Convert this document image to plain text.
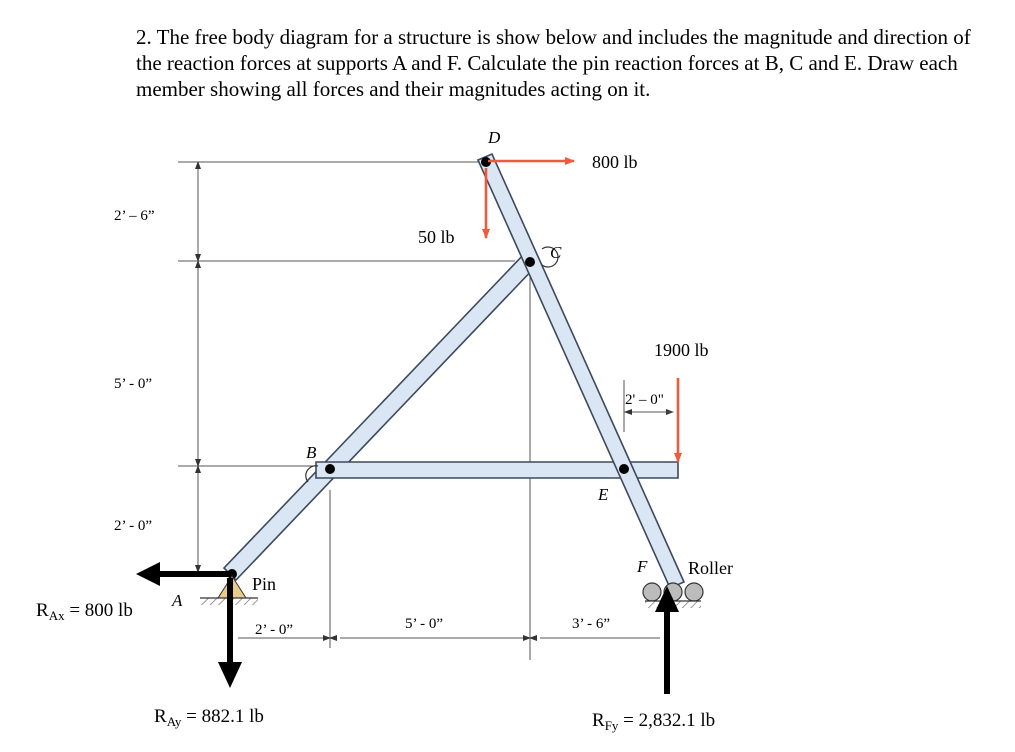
2. The free body diagram for a structure is show below and includes the magnitude and direction of the reaction forces at supports A and F. Calculate the pin reaction forces at B, C and E. Draw each member showing all forces and their magnitudes acting on it.

D
C
B
E
F
A
Pin
Roller
2’ – 6”
5’ - 0”
2’ - 0”
2’ - 0”	5’ - 0”	3’ - 6”
2' – 0"
800 lb
50 lb
1900 lb
$R_{Ax} = 800$ lb
$R_{Ay} = 882.1$ lb	$R_{Fy} = 2,832.1$ lb
